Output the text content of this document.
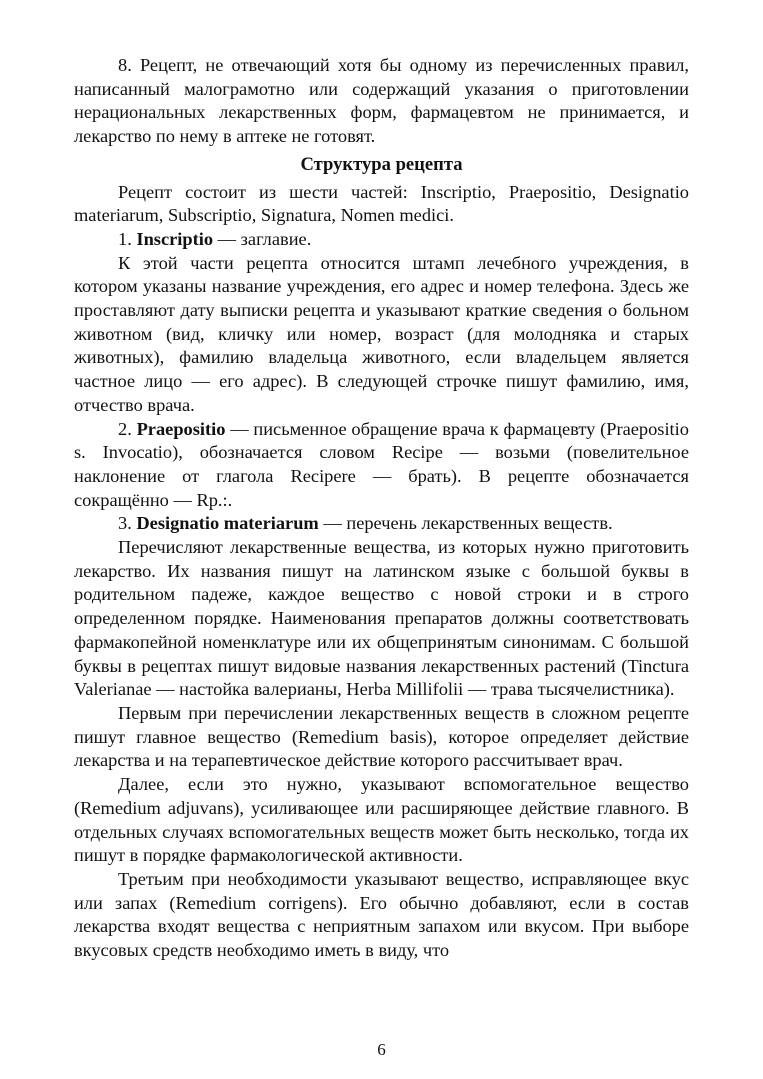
8. Рецепт, не отвечающий хотя бы одному из перечисленных правил, написанный малограмотно или содержащий указания о приготовлении нерациональных лекарственных форм, фармацевтом не принимается, и лекарство по нему в аптеке не готовят.

Структура рецепта

Рецепт состоит из шести частей: Inscriptio, Praepositio, Designatio materiarum, Subscriptio, Signatura, Nomen medici.

1. Inscriptio — заглавие.

К этой части рецепта относится штамп лечебного учреждения, в котором указаны название учреждения, его адрес и номер телефона. Здесь же проставляют дату выписки рецепта и указывают краткие сведения о больном животном (вид, кличку или номер, возраст (для молодняка и старых животных), фамилию владельца животного, если владельцем является частное лицо — его адрес). В следующей строчке пишут фамилию, имя, отчество врача.

2. Praepositio — письменное обращение врача к фармацевту (Praepositio s. Invocatio), обозначается словом Recipe — возьми (повелительное наклонение от глагола Recipere — брать). В рецепте обозначается сокращённо — Rp.:.

3. Designatio materiarum — перечень лекарственных веществ.

Перечисляют лекарственные вещества, из которых нужно приготовить лекарство. Их названия пишут на латинском языке с большой буквы в родительном падеже, каждое вещество с новой строки и в строго определенном порядке. Наименования препаратов должны соответствовать фармакопейной номенклатуре или их общепринятым синонимам. С большой буквы в рецептах пишут видовые названия лекарственных растений (Tinctura Valerianae — настойка валерианы, Herba Millifolii — трава тысячелистника).

Первым при перечислении лекарственных веществ в сложном рецепте пишут главное вещество (Remedium basis), которое определяет действие лекарства и на терапевтическое действие которого рассчитывает врач.

Далее, если это нужно, указывают вспомогательное вещество (Remedium adjuvans), усиливающее или расширяющее действие главного. В отдельных случаях вспомогательных веществ может быть несколько, тогда их пишут в порядке фармакологической активности.

Третьим при необходимости указывают вещество, исправляющее вкус или запах (Remedium corrigens). Его обычно добавляют, если в состав лекарства входят вещества с неприятным запахом или вкусом. При выборе вкусовых средств необходимо иметь в виду, что

6
